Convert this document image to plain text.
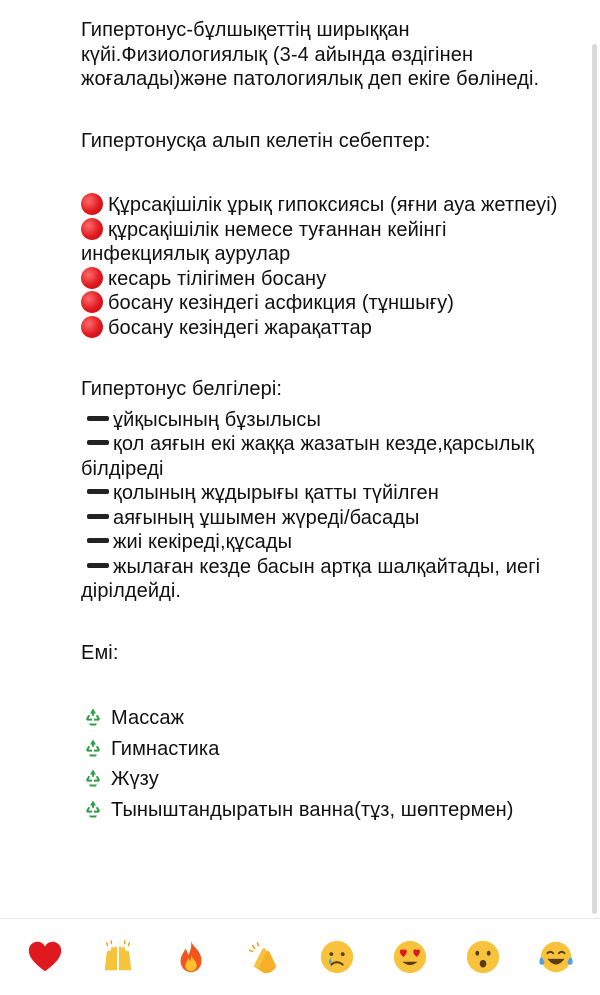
Гипертонус-бұлшықеттің ширыққан күйі.Физиологиялық (3-4 айында өздігінен жоғалады)және патологиялық деп екіге бөлінеді.

Гипертонусқа алып келетін себептер:

Құрсақішілік ұрық гипоксиясы (яғни ауа жетпеуі)

құрсақішілік немесе туғаннан кейінгі инфекциялық аурулар

кесарь тілігімен босану

босану кезіндегі асфикция (тұншығу)

босану кезіндегі жарақаттар

Гипертонус белгілері:

ұйқысының бұзылысы

қол аяғын екі жаққа жазатын кезде,қарсылық білдіреді

қолының жұдырығы қатты түйілген

аяғының ұшымен жүреді/басады

жиі кекіреді,құсады

жылаған кезде басын артқа шалқайтады, иегі дірілдейді.

Емі:

Массаж

Гимнастика

Жүзу

Тыныштандыратын ванна(тұз, шөптермен)
